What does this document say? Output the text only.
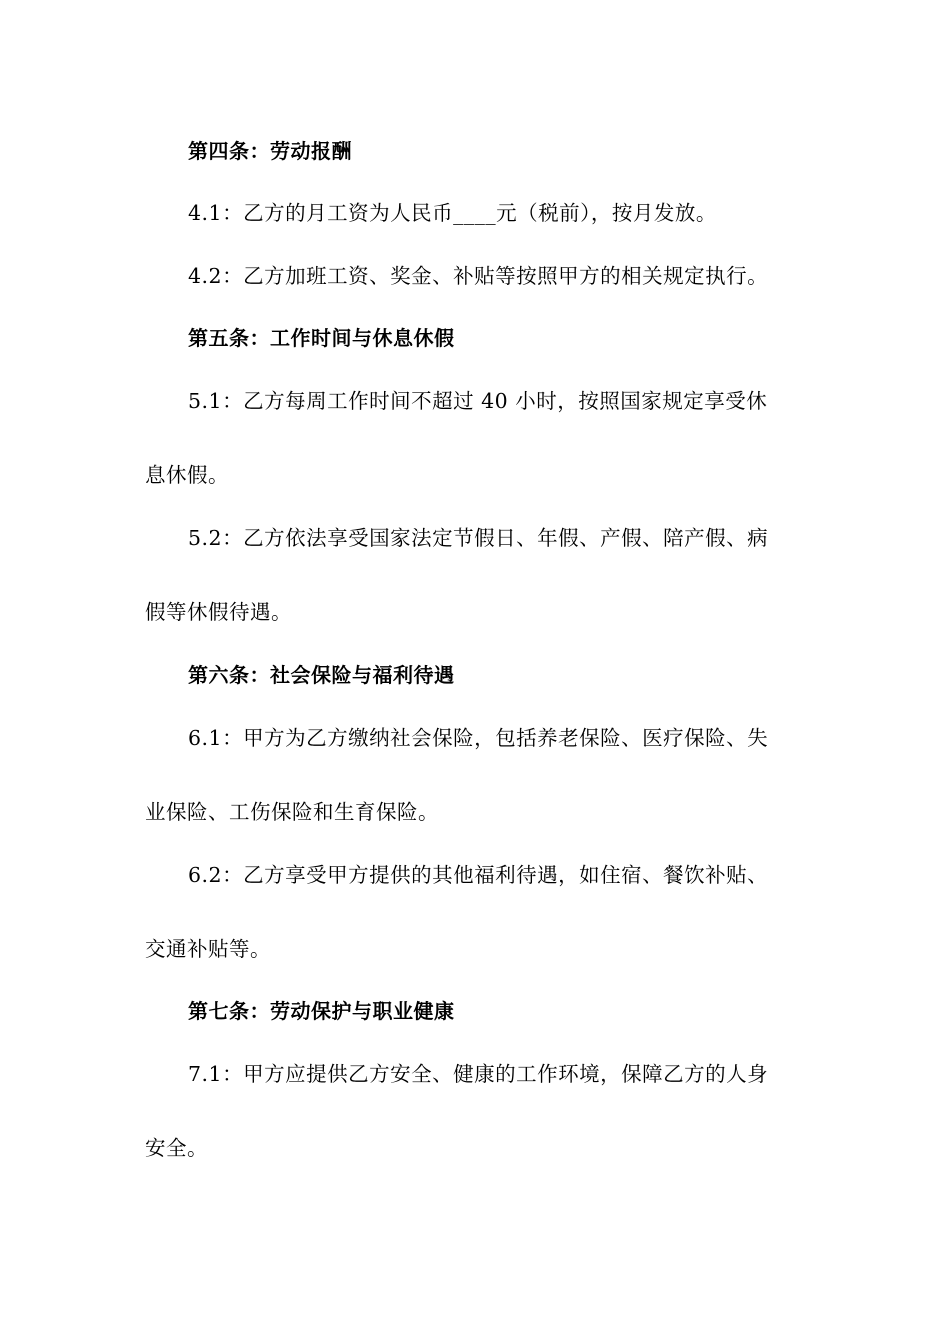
第四条：劳动报酬
4.1：乙方的月工资为人民币____元（税前），按月发放。
4.2：乙方加班工资、奖金、补贴等按照甲方的相关规定执行。
第五条：工作时间与休息休假
5.1：乙方每周工作时间不超过 40 小时，按照国家规定享受休
息休假。
5.2：乙方依法享受国家法定节假日、年假、产假、陪产假、病
假等休假待遇。
第六条：社会保险与福利待遇
6.1：甲方为乙方缴纳社会保险，包括养老保险、医疗保险、失
业保险、工伤保险和生育保险。
6.2：乙方享受甲方提供的其他福利待遇，如住宿、餐饮补贴、
交通补贴等。
第七条：劳动保护与职业健康
7.1：甲方应提供乙方安全、健康的工作环境，保障乙方的人身
安全。
